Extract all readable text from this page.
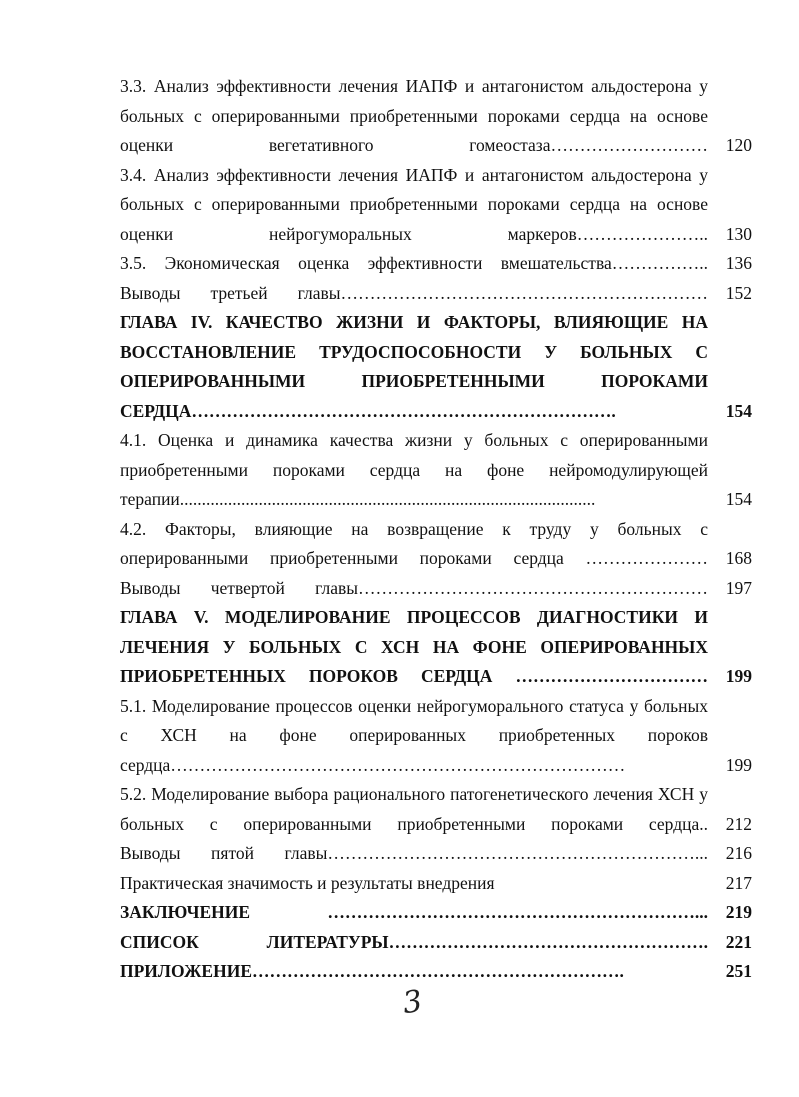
3.3. Анализ эффективности лечения ИАПФ и антагонистом альдостерона у больных с оперированными приобретенными пороками сердца на основе оценки вегетативного гомеостаза………………………	120
3.4. Анализ эффективности лечения ИАПФ и антагонистом альдостерона у больных с оперированными приобретенными пороками сердца на основе оценки нейрогуморальных маркеров…………………..	130
3.5. Экономическая оценка эффективности вмешательства……………..	136
Выводы третьей главы………………………………………………………	152
ГЛАВА IV. КАЧЕСТВО ЖИЗНИ И ФАКТОРЫ, ВЛИЯЮЩИЕ НА ВОССТАНОВЛЕНИЕ ТРУДОСПОСОБНОСТИ У БОЛЬНЫХ С ОПЕРИРОВАННЫМИ ПРИОБРЕТЕННЫМИ ПОРОКАМИ СЕРДЦА……………………………………………………………….	154
4.1. Оценка и динамика качества жизни у больных с оперированными приобретенными пороками сердца на фоне нейромодулирующей терапии...............................................................................................	154
4.2. Факторы, влияющие на возвращение к труду у больных с оперированными приобретенными пороками сердца …………………	168
Выводы четвертой главы……………………………………………………	197
ГЛАВА V. МОДЕЛИРОВАНИЕ ПРОЦЕССОВ ДИАГНОСТИКИ И ЛЕЧЕНИЯ У БОЛЬНЫХ С ХСН НА ФОНЕ ОПЕРИРОВАННЫХ ПРИОБРЕТЕННЫХ ПОРОКОВ СЕРДЦА ……………………………	199
5.1. Моделирование процессов оценки нейрогуморального статуса у больных с ХСН на фоне оперированных приобретенных пороков сердца……………………………………………………………………	199
5.2. Моделирование выбора рационального патогенетического лечения ХСН у больных с оперированными приобретенными пороками сердца..	212
Выводы пятой главы………………………………………………………...	216
Практическая значимость и результаты внедрения	217
ЗАКЛЮЧЕНИЕ ………………………………………………………...	219
СПИСОК ЛИТЕРАТУРЫ……………………………………………….	221
ПРИЛОЖЕНИЕ……………………………………………………….	251
3
